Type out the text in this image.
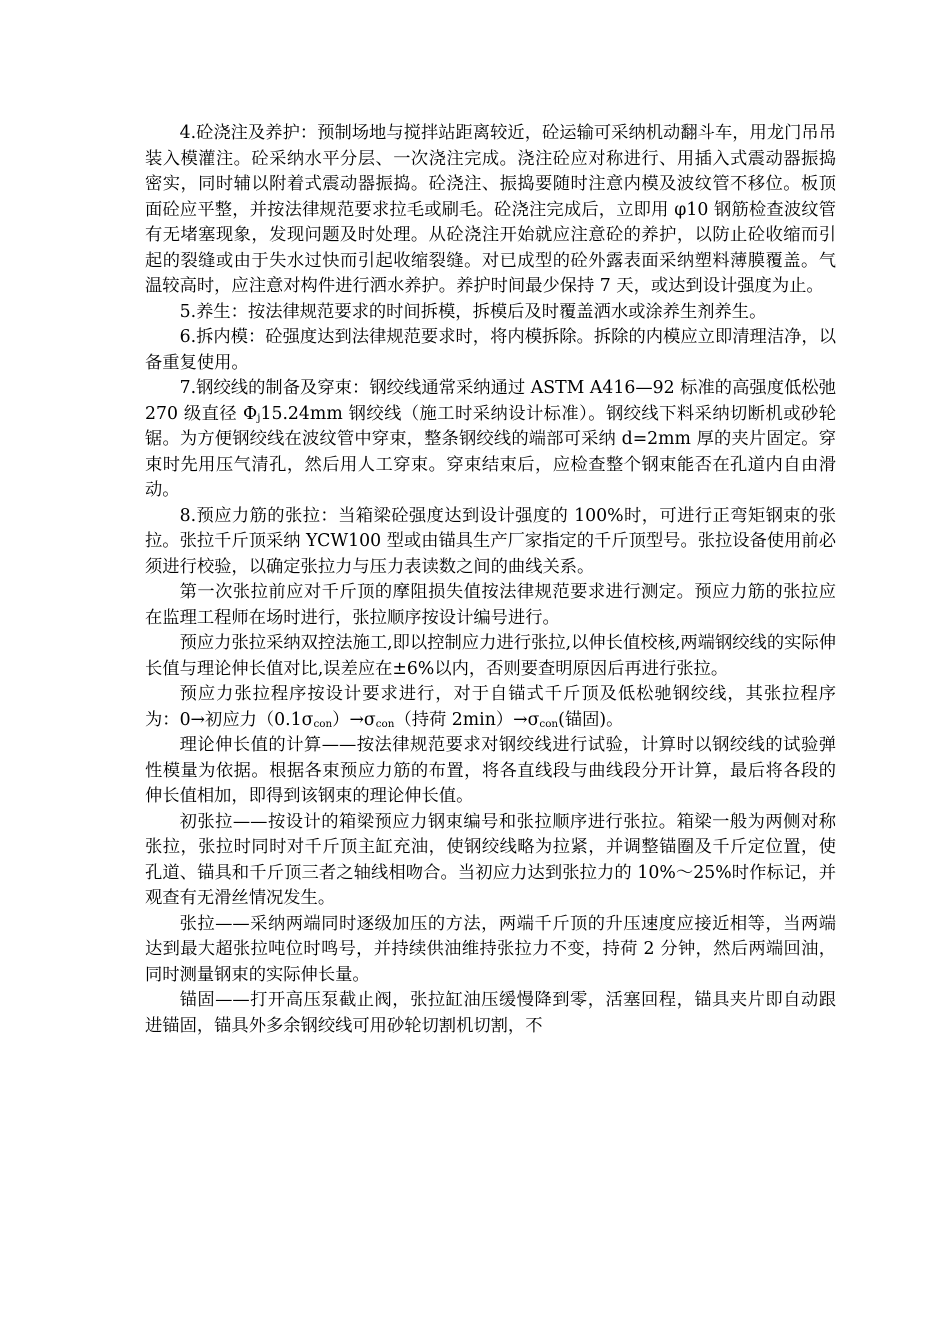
4.砼浇注及养护：预制场地与搅拌站距离较近，砼运输可采纳机动翻斗车，用龙门吊吊装入模灌注。砼采纳水平分层、一次浇注完成。浇注砼应对称进行、用插入式震动器振捣密实，同时辅以附着式震动器振捣。砼浇注、振捣要随时注意内模及波纹管不移位。板顶面砼应平整，并按法律规范要求拉毛或刷毛。砼浇注完成后，立即用 φ10 钢筋检查波纹管有无堵塞现象，发现问题及时处理。从砼浇注开始就应注意砼的养护，以防止砼收缩而引起的裂缝或由于失水过快而引起收缩裂缝。对已成型的砼外露表面采纳塑料薄膜覆盖。气温较高时，应注意对构件进行洒水养护。养护时间最少保持 7 天，或达到设计强度为止。

5.养生：按法律规范要求的时间拆模，拆模后及时覆盖洒水或涂养生剂养生。

6.拆内模：砼强度达到法律规范要求时，将内模拆除。拆除的内模应立即清理洁净，以备重复使用。

7.钢绞线的制备及穿束：钢绞线通常采纳通过 ASTM A416—92 标准的高强度低松弛 270 级直径 $\Phi_j15.24mm$ 钢绞线（施工时采纳设计标准）。钢绞线下料采纳切断机或砂轮锯。为方便钢绞线在波纹管中穿束，整条钢绞线的端部可采纳 d=2mm 厚的夹片固定。穿束时先用压气清孔，然后用人工穿束。穿束结束后，应检查整个钢束能否在孔道内自由滑动。

8.预应力筋的张拉：当箱梁砼强度达到设计强度的 100%时，可进行正弯矩钢束的张拉。张拉千斤顶采纳 YCW100 型或由锚具生产厂家指定的千斤顶型号。张拉设备使用前必须进行校验，以确定张拉力与压力表读数之间的曲线关系。

第一次张拉前应对千斤顶的摩阻损失值按法律规范要求进行测定。预应力筋的张拉应在监理工程师在场时进行，张拉顺序按设计编号进行。

预应力张拉采纳双控法施工,即以控制应力进行张拉,以伸长值校核,两端钢绞线的实际伸长值与理论伸长值对比,误差应在±6%以内，否则要查明原因后再进行张拉。

预应力张拉程序按设计要求进行，对于自锚式千斤顶及低松驰钢绞线，其张拉程序为：0→初应力$(0.1\sigma_{con})\to\sigma_{con}$（持荷 $2\min)\to\sigma_{con}$(锚固)。

理论伸长值的计算——按法律规范要求对钢绞线进行试验，计算时以钢绞线的试验弹性模量为依据。根据各束预应力筋的布置，将各直线段与曲线段分开计算，最后将各段的伸长值相加，即得到该钢束的理论伸长值。

初张拉——按设计的箱梁预应力钢束编号和张拉顺序进行张拉。箱梁一般为两侧对称张拉，张拉时同时对千斤顶主缸充油，使钢绞线略为拉紧，并调整锚圈及千斤定位置，使孔道、锚具和千斤顶三者之轴线相吻合。当初应力达到张拉力的 10%～25%时作标记，并观查有无滑丝情况发生。

张拉——采纳两端同时逐级加压的方法，两端千斤顶的升压速度应接近相等，当两端达到最大超张拉吨位时鸣号，并持续供油维持张拉力不变，持荷 2 分钟，然后两端回油，同时测量钢束的实际伸长量。

锚固——打开高压泵截止阀，张拉缸油压缓慢降到零，活塞回程，锚具夹片即自动跟进锚固，锚具外多余钢绞线可用砂轮切割机切割，不
